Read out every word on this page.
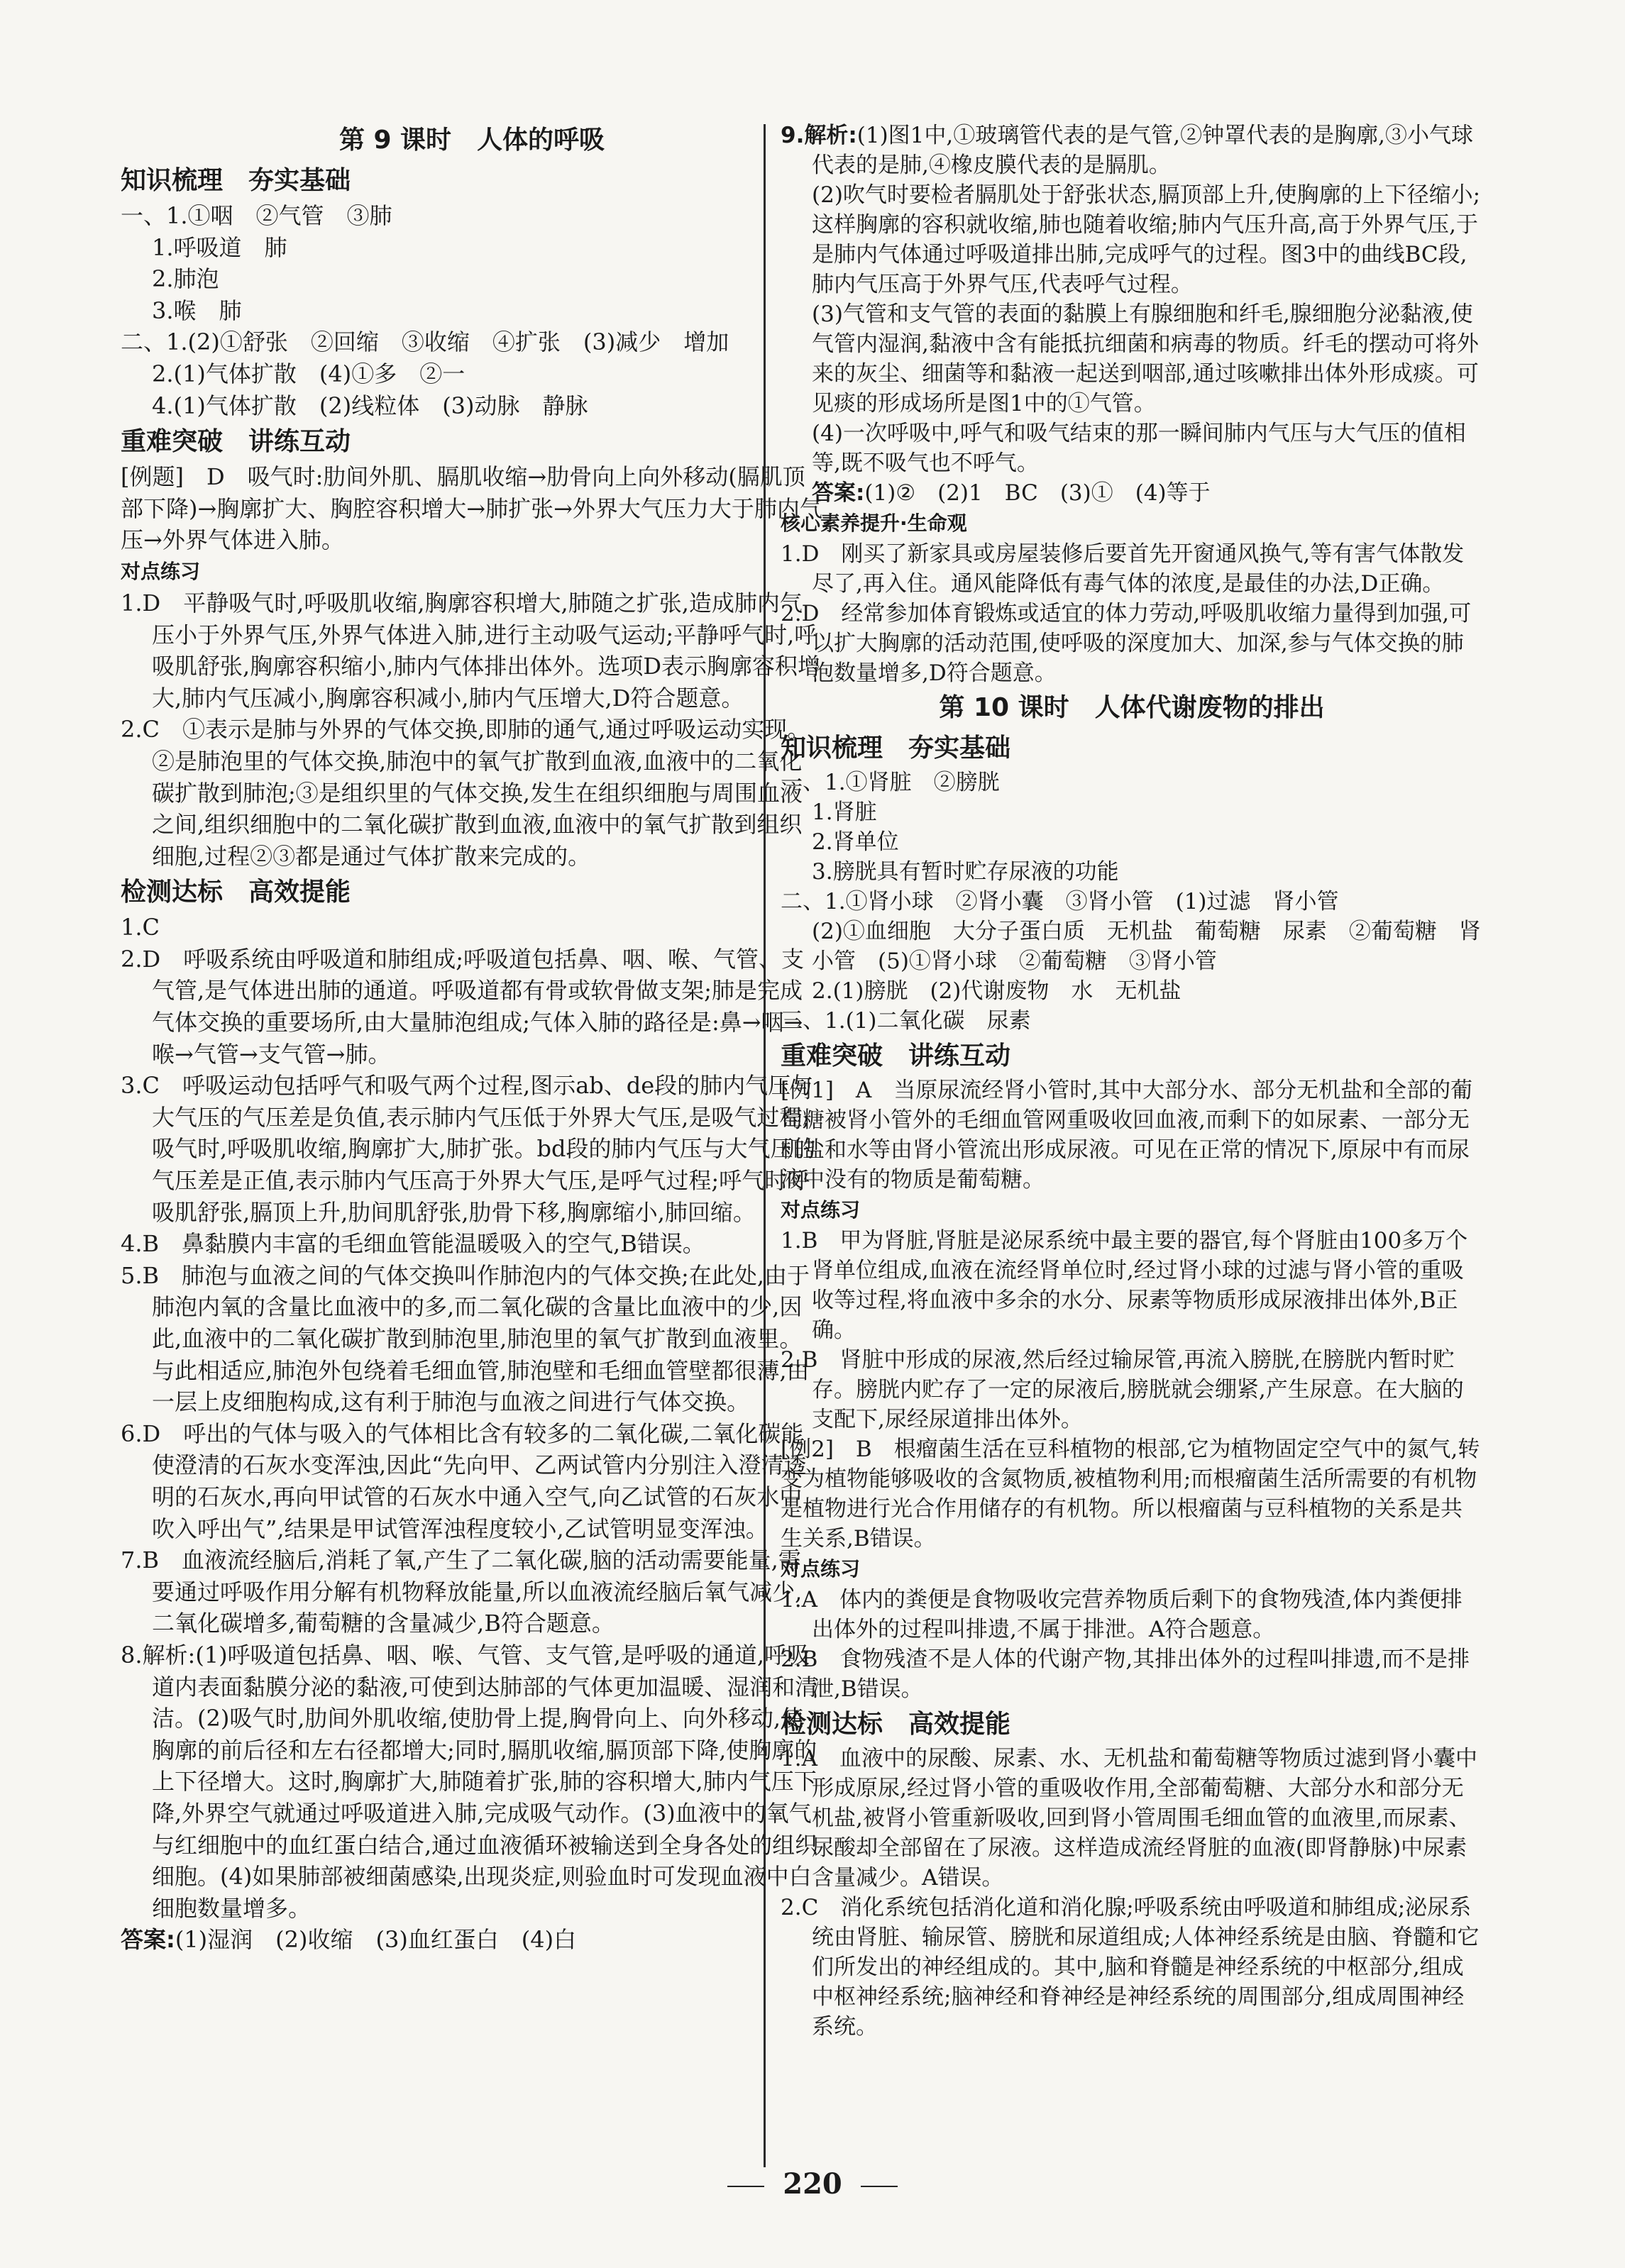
第 9 课时　人体的呼吸
知识梳理　夯实基础

一、1.①咽　②气管　③肺

1.呼吸道　肺

2.肺泡

3.喉　肺

二、1.(2)①舒张　②回缩　③收缩　④扩张　(3)减少　增加

2.(1)气体扩散　(4)①多　②一

4.(1)气体扩散　(2)线粒体　(3)动脉　静脉

重难突破　讲练互动

[例题]　D　吸气时:肋间外肌、膈肌收缩→肋骨向上向外移动(膈肌顶部下降)→胸廓扩大、胸腔容积增大→肺扩张→外界大气压力大于肺内气压→外界气体进入肺。

对点练习

1.D　平静吸气时,呼吸肌收缩,胸廓容积增大,肺随之扩张,造成肺内气压小于外界气压,外界气体进入肺,进行主动吸气运动;平静呼气时,呼吸肌舒张,胸廓容积缩小,肺内气体排出体外。选项D表示胸廓容积增大,肺内气压减小,胸廓容积减小,肺内气压增大,D符合题意。

2.C　①表示是肺与外界的气体交换,即肺的通气,通过呼吸运动实现。②是肺泡里的气体交换,肺泡中的氧气扩散到血液,血液中的二氧化碳扩散到肺泡;③是组织里的气体交换,发生在组织细胞与周围血液之间,组织细胞中的二氧化碳扩散到血液,血液中的氧气扩散到组织细胞,过程②③都是通过气体扩散来完成的。

检测达标　高效提能

1.C

2.D　呼吸系统由呼吸道和肺组成;呼吸道包括鼻、咽、喉、气管、支气管,是气体进出肺的通道。呼吸道都有骨或软骨做支架;肺是完成气体交换的重要场所,由大量肺泡组成;气体入肺的路径是:鼻→咽→喉→气管→支气管→肺。

3.C　呼吸运动包括呼气和吸气两个过程,图示ab、de段的肺内气压与大气压的气压差是负值,表示肺内气压低于外界大气压,是吸气过程;吸气时,呼吸肌收缩,胸廓扩大,肺扩张。bd段的肺内气压与大气压的气压差是正值,表示肺内气压高于外界大气压,是呼气过程;呼气时呼吸肌舒张,膈顶上升,肋间肌舒张,肋骨下移,胸廓缩小,肺回缩。

4.B　鼻黏膜内丰富的毛细血管能温暖吸入的空气,B错误。

5.B　肺泡与血液之间的气体交换叫作肺泡内的气体交换;在此处,由于肺泡内氧的含量比血液中的多,而二氧化碳的含量比血液中的少,因此,血液中的二氧化碳扩散到肺泡里,肺泡里的氧气扩散到血液里。与此相适应,肺泡外包绕着毛细血管,肺泡壁和毛细血管壁都很薄,由一层上皮细胞构成,这有利于肺泡与血液之间进行气体交换。

6.D　呼出的气体与吸入的气体相比含有较多的二氧化碳,二氧化碳能使澄清的石灰水变浑浊,因此“先向甲、乙两试管内分别注入澄清透明的石灰水,再向甲试管的石灰水中通入空气,向乙试管的石灰水中吹入呼出气”,结果是甲试管浑浊程度较小,乙试管明显变浑浊。

7.B　血液流经脑后,消耗了氧,产生了二氧化碳,脑的活动需要能量,需要通过呼吸作用分解有机物释放能量,所以血液流经脑后氧气减少,二氧化碳增多,葡萄糖的含量减少,B符合题意。

8.解析:(1)呼吸道包括鼻、咽、喉、气管、支气管,是呼吸的通道,呼吸道内表面黏膜分泌的黏液,可使到达肺部的气体更加温暖、湿润和清洁。(2)吸气时,肋间外肌收缩,使肋骨上提,胸骨向上、向外移动,使胸廓的前后径和左右径都增大;同时,膈肌收缩,膈顶部下降,使胸廓的上下径增大。这时,胸廓扩大,肺随着扩张,肺的容积增大,肺内气压下降,外界空气就通过呼吸道进入肺,完成吸气动作。(3)血液中的氧气与红细胞中的血红蛋白结合,通过血液循环被输送到全身各处的组织细胞。(4)如果肺部被细菌感染,出现炎症,则验血时可发现血液中白细胞数量增多。

答案:(1)湿润　(2)收缩　(3)血红蛋白　(4)白

9.解析:(1)图1中,①玻璃管代表的是气管,②钟罩代表的是胸廓,③小气球代表的是肺,④橡皮膜代表的是膈肌。

(2)吹气时要检者膈肌处于舒张状态,膈顶部上升,使胸廓的上下径缩小;这样胸廓的容积就收缩,肺也随着收缩;肺内气压升高,高于外界气压,于是肺内气体通过呼吸道排出肺,完成呼气的过程。图3中的曲线BC段,肺内气压高于外界气压,代表呼气过程。

(3)气管和支气管的表面的黏膜上有腺细胞和纤毛,腺细胞分泌黏液,使气管内湿润,黏液中含有能抵抗细菌和病毒的物质。纤毛的摆动可将外来的灰尘、细菌等和黏液一起送到咽部,通过咳嗽排出体外形成痰。可见痰的形成场所是图1中的①气管。

(4)一次呼吸中,呼气和吸气结束的那一瞬间肺内气压与大气压的值相等,既不吸气也不呼气。

答案:(1)②　(2)1　BC　(3)①　(4)等于

核心素养提升·生命观

1.D　刚买了新家具或房屋装修后要首先开窗通风换气,等有害气体散发尽了,再入住。通风能降低有毒气体的浓度,是最佳的办法,D正确。

2.D　经常参加体育锻炼或适宜的体力劳动,呼吸肌收缩力量得到加强,可以扩大胸廓的活动范围,使呼吸的深度加大、加深,参与气体交换的肺泡数量增多,D符合题意。

第 10 课时　人体代谢废物的排出
知识梳理　夯实基础

一、1.①肾脏　②膀胱

1.肾脏

2.肾单位

3.膀胱具有暂时贮存尿液的功能

二、1.①肾小球　②肾小囊　③肾小管　(1)过滤　肾小管

(2)①血细胞　大分子蛋白质　无机盐　葡萄糖　尿素　②葡萄糖　肾小管　(5)①肾小球　②葡萄糖　③肾小管

2.(1)膀胱　(2)代谢废物　水　无机盐

三、1.(1)二氧化碳　尿素

重难突破　讲练互动

[例1]　A　当原尿流经肾小管时,其中大部分水、部分无机盐和全部的葡萄糖被肾小管外的毛细血管网重吸收回血液,而剩下的如尿素、一部分无机盐和水等由肾小管流出形成尿液。可见在正常的情况下,原尿中有而尿液中没有的物质是葡萄糖。

对点练习

1.B　甲为肾脏,肾脏是泌尿系统中最主要的器官,每个肾脏由100多万个肾单位组成,血液在流经肾单位时,经过肾小球的过滤与肾小管的重吸收等过程,将血液中多余的水分、尿素等物质形成尿液排出体外,B正确。

2.B　肾脏中形成的尿液,然后经过输尿管,再流入膀胱,在膀胱内暂时贮存。膀胱内贮存了一定的尿液后,膀胱就会绷紧,产生尿意。在大脑的支配下,尿经尿道排出体外。

[例2]　B　根瘤菌生活在豆科植物的根部,它为植物固定空气中的氮气,转变为植物能够吸收的含氮物质,被植物利用;而根瘤菌生活所需要的有机物是植物进行光合作用储存的有机物。所以根瘤菌与豆科植物的关系是共生关系,B错误。

对点练习

1.A　体内的粪便是食物吸收完营养物质后剩下的食物残渣,体内粪便排出体外的过程叫排遗,不属于排泄。A符合题意。

2.B　食物残渣不是人体的代谢产物,其排出体外的过程叫排遗,而不是排泄,B错误。

检测达标　高效提能

1.A　血液中的尿酸、尿素、水、无机盐和葡萄糖等物质过滤到肾小囊中形成原尿,经过肾小管的重吸收作用,全部葡萄糖、大部分水和部分无机盐,被肾小管重新吸收,回到肾小管周围毛细血管的血液里,而尿素、尿酸却全部留在了尿液。这样造成流经肾脏的血液(即肾静脉)中尿素含量减少。A错误。

2.C　消化系统包括消化道和消化腺;呼吸系统由呼吸道和肺组成;泌尿系统由肾脏、输尿管、膀胱和尿道组成;人体神经系统是由脑、脊髓和它们所发出的神经组成的。其中,脑和脊髓是神经系统的中枢部分,组成中枢神经系统;脑神经和脊神经是神经系统的周围部分,组成周围神经系统。

220
